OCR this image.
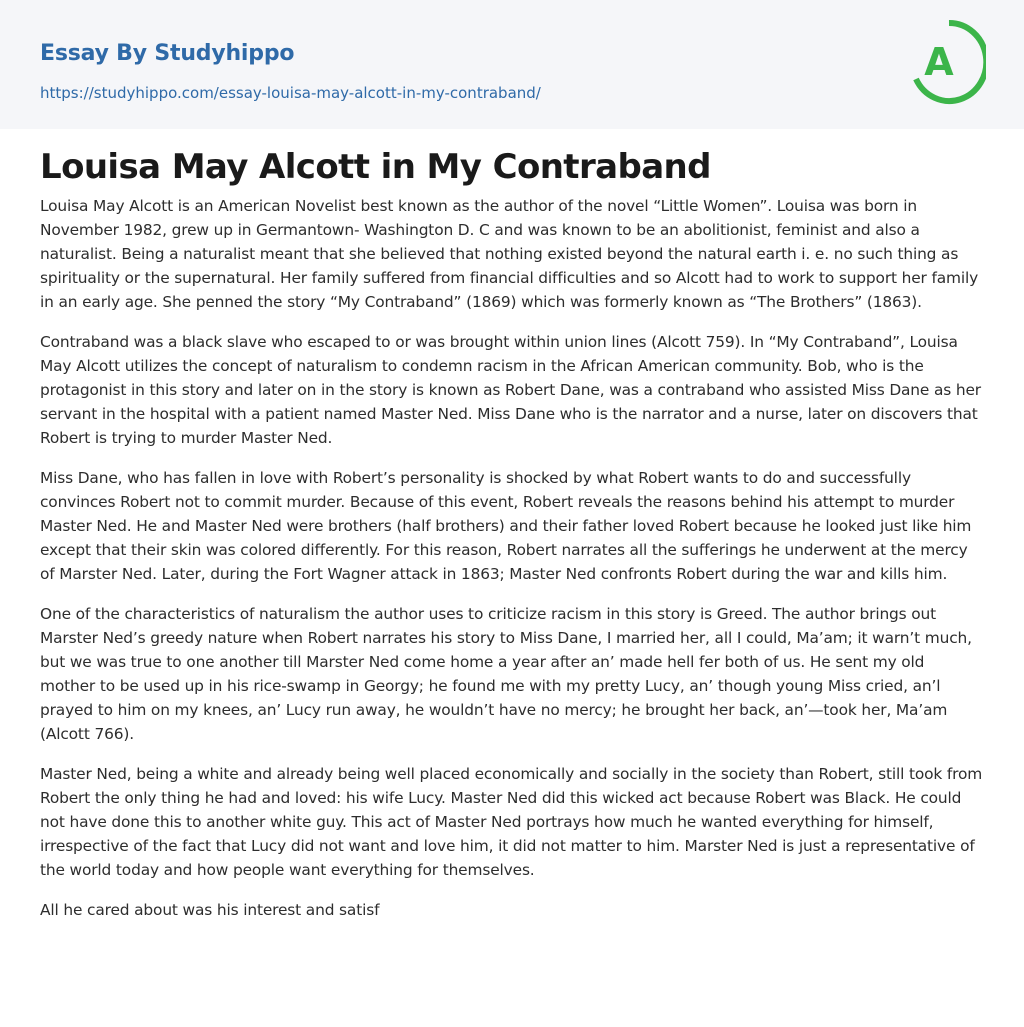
Essay By Studyhippo
https://studyhippo.com/essay-louisa-may-alcott-in-my-contraband/
A
Louisa May Alcott in My Contraband

Louisa May Alcott is an American Novelist best known as the author of the novel “Little Women”. Louisa was born in November 1982, grew up in Germantown- Washington D. C and was known to be an abolitionist, feminist and also a naturalist. Being a naturalist meant that she believed that nothing existed beyond the natural earth i. e. no such thing as spirituality or the supernatural. Her family suffered from financial difficulties and so Alcott had to work to support her family in an early age. She penned the story “My Contraband” (1869) which was formerly known as “The Brothers” (1863).

Contraband was a black slave who escaped to or was brought within union lines (Alcott 759). In “My Contraband”, Louisa May Alcott utilizes the concept of naturalism to condemn racism in the African American community. Bob, who is the protagonist in this story and later on in the story is known as Robert Dane, was a contraband who assisted Miss Dane as her servant in the hospital with a patient named Master Ned. Miss Dane who is the narrator and a nurse, later on discovers that Robert is trying to murder Master Ned.

Miss Dane, who has fallen in love with Robert’s personality is shocked by what Robert wants to do and successfully convinces Robert not to commit murder. Because of this event, Robert reveals the reasons behind his attempt to murder Master Ned. He and Master Ned were brothers (half brothers) and their father loved Robert because he looked just like him except that their skin was colored differently. For this reason, Robert narrates all the sufferings he underwent at the mercy of Marster Ned. Later, during the Fort Wagner attack in 1863; Master Ned confronts Robert during the war and kills him.

One of the characteristics of naturalism the author uses to criticize racism in this story is Greed. The author brings out Marster Ned’s greedy nature when Robert narrates his story to Miss Dane, I married her, all I could, Ma’am; it warn’t much, but we was true to one another till Marster Ned come home a year after an’ made hell fer both of us. He sent my old mother to be used up in his rice-swamp in Georgy; he found me with my pretty Lucy, an’ though young Miss cried, an’l prayed to him on my knees, an’ Lucy run away, he wouldn’t have no mercy; he brought her back, an’—took her, Ma’am (Alcott 766).

Master Ned, being a white and already being well placed economically and socially in the society than Robert, still took from Robert the only thing he had and loved: his wife Lucy. Master Ned did this wicked act because Robert was Black. He could not have done this to another white guy. This act of Master Ned portrays how much he wanted everything for himself, irrespective of the fact that Lucy did not want and love him, it did not matter to him. Marster Ned is just a representative of the world today and how people want everything for themselves.

All he cared about was his interest and satisf
